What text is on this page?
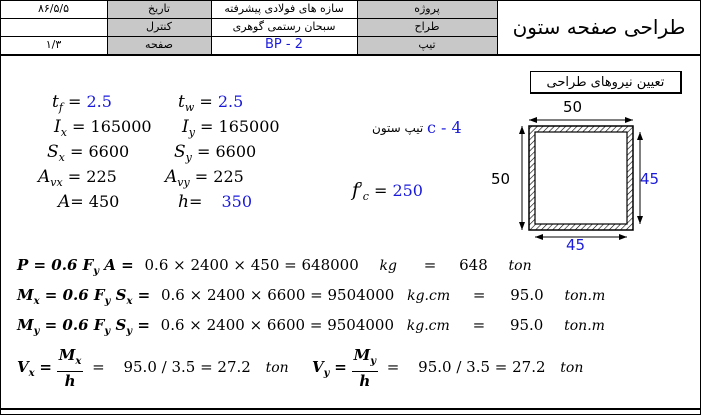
تاریخ
کنترل
صفحه
پروژه
طراح
تیپ
۸۶/۵/۵
۱/۳
سازه های فولادی پیشرفته
سبحان رستمی گوهری
BP - 2
طراحی صفحه ستون
تعیین نیروهای طراحی
$t_f = 2.5$
$I_x = 165000$
$S_x = 6600$
$A_{vx} = 225$
A= 450
$t_w = 2.5$
$I_y = 165000$
$S_y = 6600$
$A_{vy} = 225$
h= 350
تیپ ستون c - 4
$f'_c = 250$
50
50	45
45
P = 0.6 $F_y$ A = 0.6 × 2400 × 450 = 648000 kg = 648 ton
$M_x = 0.6$ $F_y$ $S_x = 0.6 \times 2400 \times 6600 = 9504000$ kg.cm = 95.0 ton.m
$M_y = 0.6$ $F_y$ $S_y = 0.6 \times 2400 \times 6600 = 9504000$ kg.cm = 95.0 ton.m
$V_x = \frac{M_x}{h} = 95.0 / 3.5 = 27.2$ ton $V_y = \frac{M_y}{h} = 95.0 / 3.5 = 27.2$ ton
